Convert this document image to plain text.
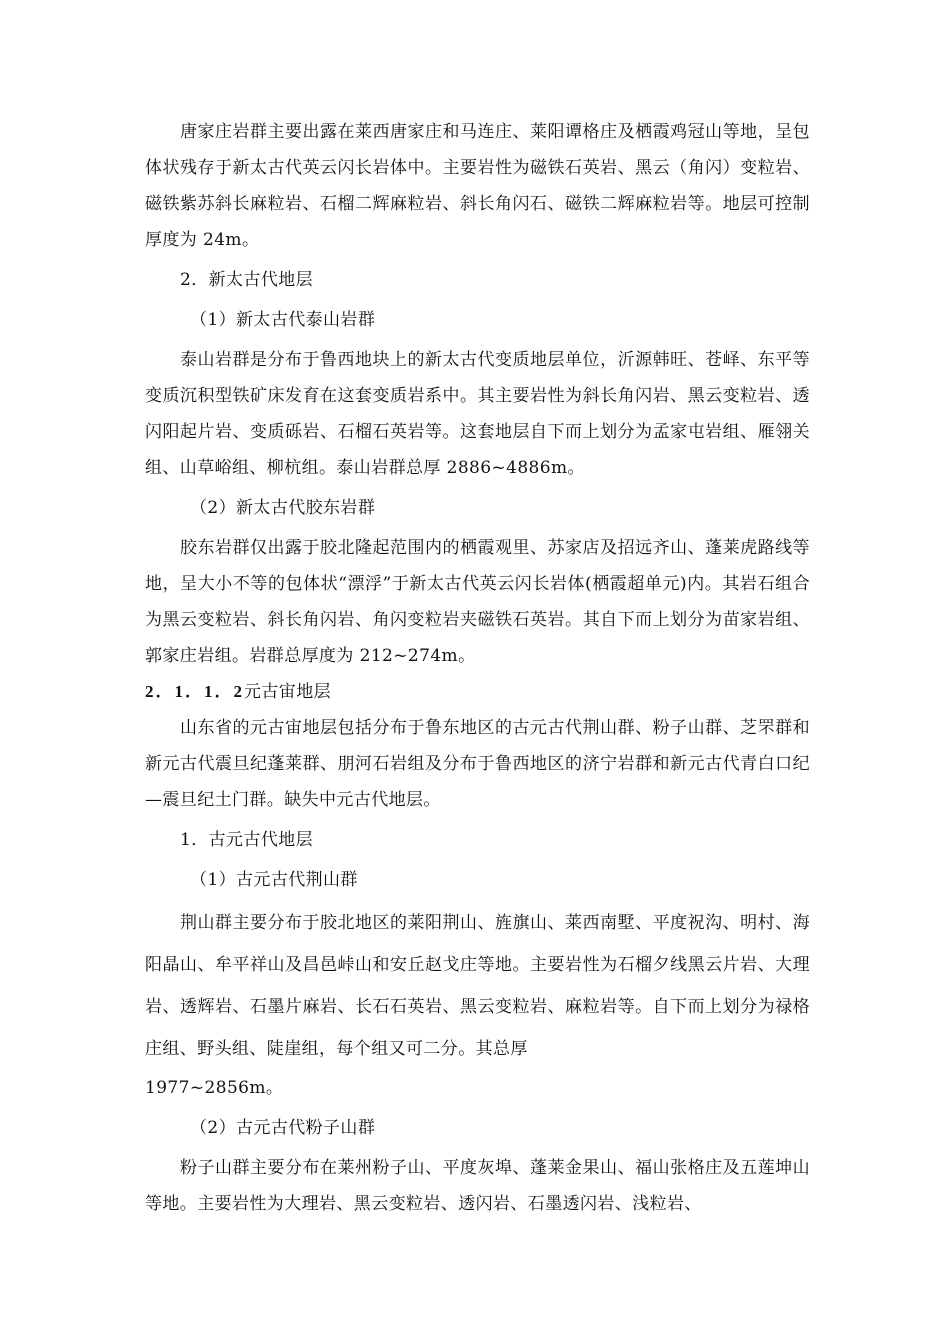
唐家庄岩群主要出露在莱西唐家庄和马连庄、莱阳谭格庄及栖霞鸡冠山等地，呈包体状残存于新太古代英云闪长岩体中。主要岩性为磁铁石英岩、黑云（角闪）变粒岩、磁铁紫苏斜长麻粒岩、石榴二辉麻粒岩、斜长角闪石、磁铁二辉麻粒岩等。地层可控制厚度为 24m。

2．新太古代地层

（1）新太古代泰山岩群

泰山岩群是分布于鲁西地块上的新太古代变质地层单位，沂源韩旺、苍峄、东平等变质沉积型铁矿床发育在这套变质岩系中。其主要岩性为斜长角闪岩、黑云变粒岩、透闪阳起片岩、变质砾岩、石榴石英岩等。这套地层自下而上划分为孟家屯岩组、雁翎关组、山草峪组、柳杭组。泰山岩群总厚 2886~4886m。

（2）新太古代胶东岩群

胶东岩群仅出露于胶北隆起范围内的栖霞观里、苏家店及招远齐山、蓬莱虎路线等地，呈大小不等的包体状“漂浮”于新太古代英云闪长岩体(栖霞超单元)内。其岩石组合为黑云变粒岩、斜长角闪岩、角闪变粒岩夹磁铁石英岩。其自下而上划分为苗家岩组、郭家庄岩组。岩群总厚度为 212~274m。

2．1．1．2元古宙地层

山东省的元古宙地层包括分布于鲁东地区的古元古代荆山群、粉子山群、芝罘群和新元古代震旦纪蓬莱群、朋河石岩组及分布于鲁西地区的济宁岩群和新元古代青白口纪—震旦纪土门群。缺失中元古代地层。

1．古元古代地层

（1）古元古代荆山群

荆山群主要分布于胶北地区的莱阳荆山、旌旗山、莱西南墅、平度祝沟、明村、海阳晶山、牟平祥山及昌邑峠山和安丘赵戈庄等地。主要岩性为石榴夕线黑云片岩、大理岩、透辉岩、石墨片麻岩、长石石英岩、黑云变粒岩、麻粒岩等。自下而上划分为禄格庄组、野头组、陡崖组，每个组又可二分。其总厚

1977~2856m。

（2）古元古代粉子山群

粉子山群主要分布在莱州粉子山、平度灰埠、蓬莱金果山、福山张格庄及五莲坤山等地。主要岩性为大理岩、黑云变粒岩、透闪岩、石墨透闪岩、浅粒岩、
